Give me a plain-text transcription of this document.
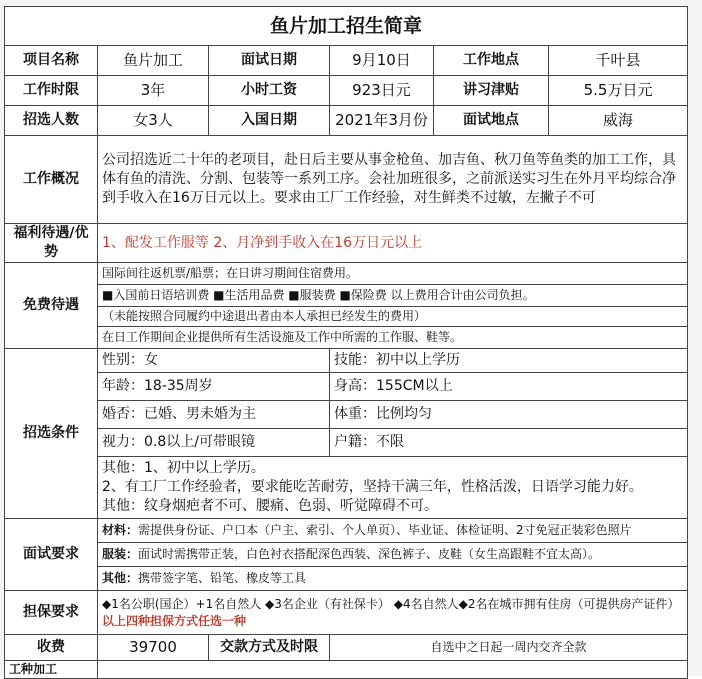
鱼片加工招生简章					
项目名称	鱼片加工	面试日期	9月10日	工作地点	千叶县
工作时限	3年	小时工资	923日元	讲习津贴	5.5万日元
招选人数	女3人	入国日期	2021年3月份	面试地点	威海
工作概况	公司招选近二十年的老项目，赴日后主要从事金枪鱼、加吉鱼、秋刀鱼等鱼类的加工工作，具体有鱼的清洗、分割、包装等一系列工序。会社加班很多，之前派送实习生在外月平均综合净到手收入在16万日元以上。要求由工厂工作经验，对生鲜类不过敏，左撇子不可				
福利待遇/优势	1、配发工作服等 2、月净到手收入在16万日元以上				
免费待遇	国际间往返机票/船票；在日讲习期间住宿费用。				
	■入国前日语培训费 ■生活用品费 ■服装费 ■保险费 以上费用合计由公司负担。				
	（未能按照合同履约中途退出者由本人承担已经发生的费用）				
	在日工作期间企业提供所有生活设施及工作中所需的工作服、鞋等。				
招选条件	性别：女		技能：初中以上学历		
	年龄：18-35周岁		身高：155CM以上		
	婚否：已婚、男未婚为主		体重：比例均匀		
	视力：0.8以上/可带眼镜		户籍：不限		

	其他：1、初中以上学历。
2、有工厂工作经验者，要求能吃苦耐劳，坚持干满三年，性格活泼，日语学习能力好。
其他：纹身烟疤者不可、腰痛、色弱、听觉障碍不可。				

面试要求	材料：需提供身份证、户口本（户主、索引、个人单页）、毕业证、体检证明、2寸免冠正装彩色照片				
	服装：面试时需携带正装，白色衬衣搭配深色西装、深色裤子、皮鞋（女生高跟鞋不宜太高）。				
	其他：携带签字笔、铅笔、橡皮等工具				
担保要求	◆1名公职(国企）+1名自然人 ◆3名企业（有社保卡） ◆4名自然人◆2名在城市拥有住房（可提供房产证件） 以上四种担保方式任选一种				
收费	39700	交款方式及时限	自选中之日起一周内交齐全款		
工种加工					
